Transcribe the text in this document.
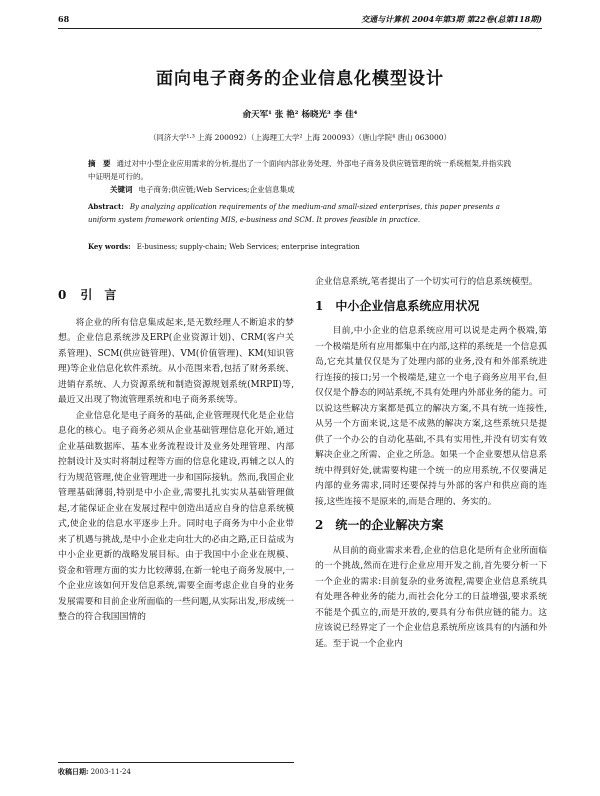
68	交通与计算机 2004年第3期 第22卷(总第118期)
面向电子商务的企业信息化模型设计
俞天军¹ 张 艳² 杨晓光³ 李 佳⁴
（同济大学¹·³ 上海 200092）（上海理工大学² 上海 200093）（唐山学院⁴ 唐山 063000）
摘　要 通过对中小型企业应用需求的分析,提出了一个面向内部业务处理、外部电子商务及供应链管理的统一系统框架,并指实践中证明是可行的。
关键词 电子商务;供应链;Web Services;企业信息集成
Abstract: By analyzing application requirements of the medium-and small-sized enterprises, this paper presents a uniform system framework orienting MIS, e-business and SCM. It proves feasible in practice.
Key words: E-business; supply-chain; Web Services; enterprise integration
0 引　言

将企业的所有信息集成起来,是无数经理人不断追求的梦想。企业信息系统涉及ERP(企业资源计划)、CRM(客户关系管理)、SCM(供应链管理)、VM(价值管理)、KM(知识管理)等企业信息化软件系统。从小范围来看,包括了财务系统、进销存系统、人力资源系统和制造资源规划系统(MRPⅡ)等,最近又出现了物流管理系统和电子商务系统等。

企业信息化是电子商务的基础,企业管理现代化是企业信息化的核心。电子商务必须从企业基础管理信息化开始,通过企业基础数据库、基本业务流程设计及业务处理管理、内部控制设计及实时将制过程等方面的信息化建设,再辅之以人的行为规范管理,使企业管理进一步和国际接轨。然而,我国企业管理基础薄弱,特别是中小企业,需要扎扎实实从基础管理做起,才能保证企业在发展过程中创造出适应自身的信息系统模式,使企业的信息水平逐步上升。同时电子商务为中小企业带来了机遇与挑战,是中小企业走向壮大的必由之路,正日益成为中小企业更新的战略发展目标。由于我国中小企业在规模、资金和管理方面的实力比较薄弱,在新一轮电子商务发展中,一个企业应该如何开发信息系统,需要全面考虑企业自身的业务发展需要和目前企业所面临的一些问题,从实际出发,形成统一整合的符合我国国情的

企业信息系统,笔者提出了一个切实可行的信息系统模型。

1 中小企业信息系统应用状况

目前,中小企业的信息系统应用可以说是走两个极端,第一个极端是所有应用都集中在内部,这样的系统是一个信息孤岛,它充其量仅仅是为了处理内部的业务,没有和外部系统进行连接的接口;另一个极端是,建立一个电子商务应用平台,但仅仅是个静态的网站系统,不具有处理内外部业务的能力。可以说这些解决方案都是孤立的解决方案,不具有统一连接性,从另一个方面来说,这是不成熟的解决方案,这些系统只是提供了一个办公的自动化基础,不具有实用性,并没有切实有效解决企业之所需、企业之所急。如果一个企业要想从信息系统中得到好处,就需要构建一个统一的应用系统,不仅要满足内部的业务需求,同时还要保持与外部的客户和供应商的连接,这些连接不是原来的,而是合理的、务实的。

2 统一的企业解决方案

从目前的商业需求来看,企业的信息化是所有企业所面临的一个挑战,然而在进行企业应用开发之前,首先要分析一下一个企业的需求:目前复杂的业务流程,需要企业信息系统具有处理各种业务的能力,而社会化分工的日益增强,要求系统不能是个孤立的,而是开放的,要具有分布供应链的能力。这应该说已经界定了一个企业信息系统所应该具有的内涵和外延。至于说一个企业内

收稿日期: 2003-11-24
